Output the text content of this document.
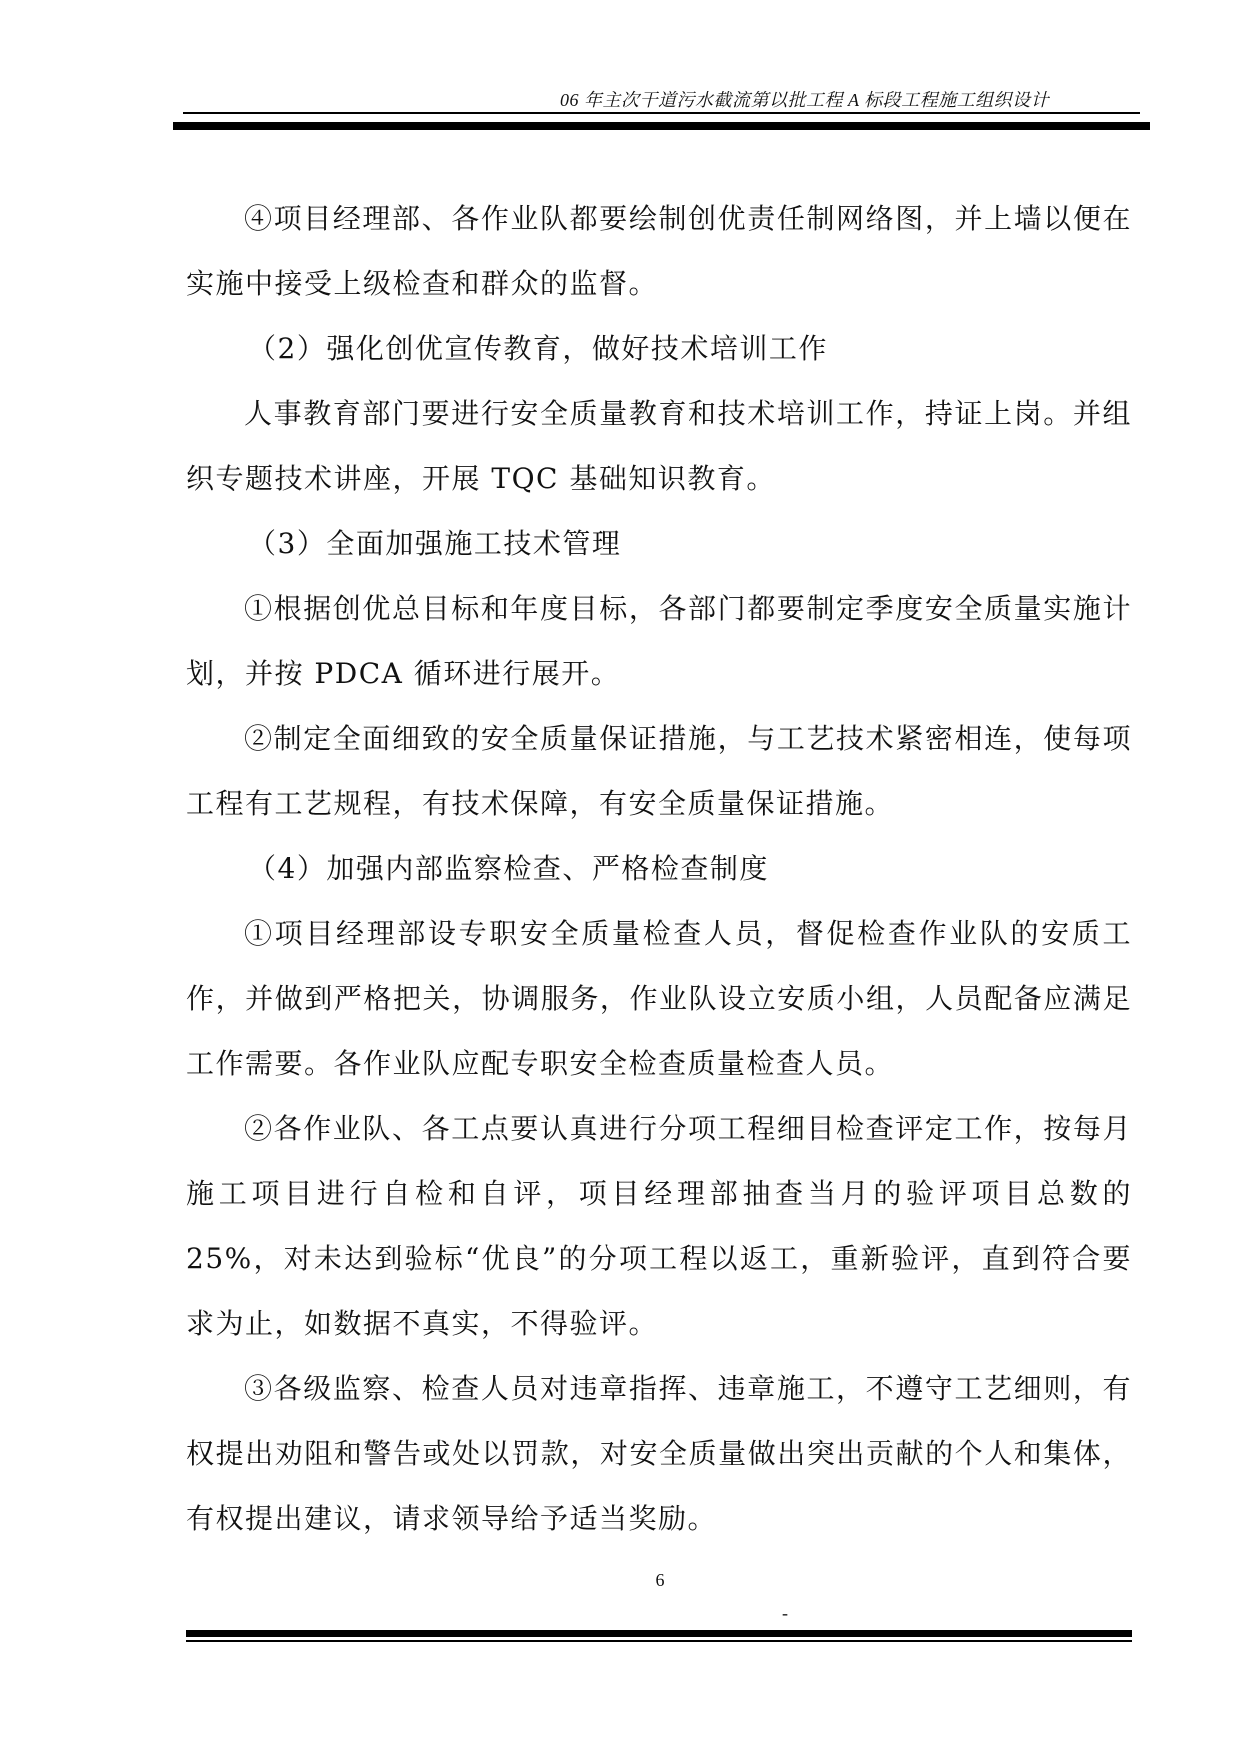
06 年主次干道污水截流第以批工程 A 标段工程施工组织设计

④项目经理部、各作业队都要绘制创优责任制网络图，并上墙以便在实施中接受上级检查和群众的监督。

（2）强化创优宣传教育，做好技术培训工作

人事教育部门要进行安全质量教育和技术培训工作，持证上岗。并组织专题技术讲座，开展 TQC 基础知识教育。

（3）全面加强施工技术管理

①根据创优总目标和年度目标，各部门都要制定季度安全质量实施计划，并按 PDCA 循环进行展开。

②制定全面细致的安全质量保证措施，与工艺技术紧密相连，使每项工程有工艺规程，有技术保障，有安全质量保证措施。

（4）加强内部监察检查、严格检查制度

①项目经理部设专职安全质量检查人员，督促检查作业队的安质工作，并做到严格把关，协调服务，作业队设立安质小组，人员配备应满足工作需要。各作业队应配专职安全检查质量检查人员。

②各作业队、各工点要认真进行分项工程细目检查评定工作，按每月施工项目进行自检和自评，项目经理部抽查当月的验评项目总数的 25%，对未达到验标“优良”的分项工程以返工，重新验评，直到符合要求为止，如数据不真实，不得验评。

③各级监察、检查人员对违章指挥、违章施工，不遵守工艺细则，有权提出劝阻和警告或处以罚款，对安全质量做出突出贡献的个人和集体，有权提出建议，请求领导给予适当奖励。

6
-
